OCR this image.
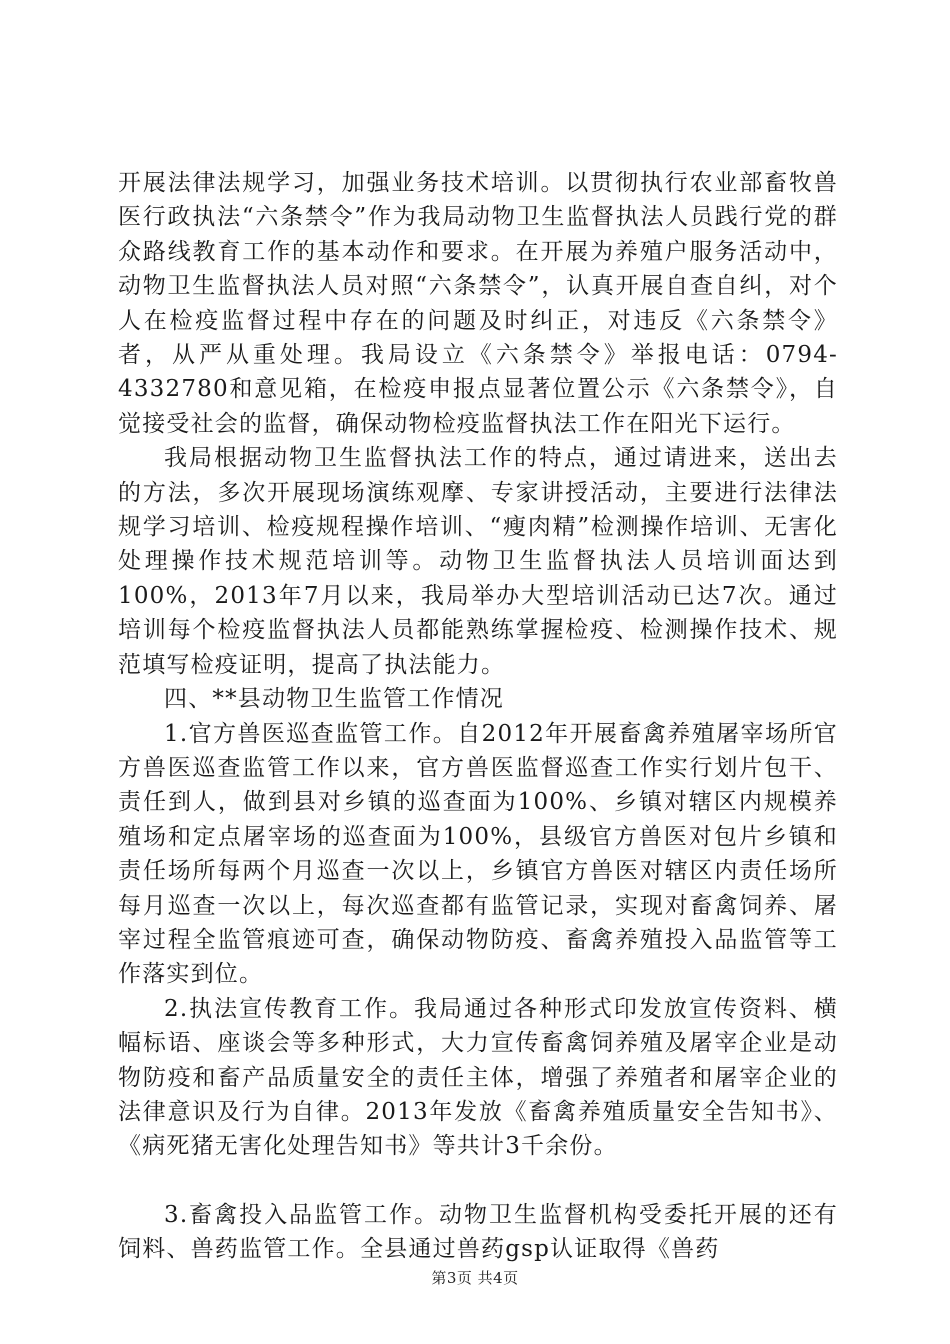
开展法律法规学习，加强业务技术培训。以贯彻执行农业部畜牧兽医行政执法“六条禁令”作为我局动物卫生监督执法人员践行党的群众路线教育工作的基本动作和要求。在开展为养殖户服务活动中，动物卫生监督执法人员对照“六条禁令”，认真开展自查自纠，对个人在检疫监督过程中存在的问题及时纠正，对违反《六条禁令》者，从严从重处理。我局设立《六条禁令》举报电话：0794-4332780和意见箱，在检疫申报点显著位置公示《六条禁令》，自觉接受社会的监督，确保动物检疫监督执法工作在阳光下运行。

我局根据动物卫生监督执法工作的特点，通过请进来，送出去的方法，多次开展现场演练观摩、专家讲授活动，主要进行法律法规学习培训、检疫规程操作培训、“瘦肉精”检测操作培训、无害化处理操作技术规范培训等。动物卫生监督执法人员培训面达到100%，2013年7月以来，我局举办大型培训活动已达7次。通过培训每个检疫监督执法人员都能熟练掌握检疫、检测操作技术、规范填写检疫证明，提高了执法能力。

四、**县动物卫生监管工作情况

1.官方兽医巡查监管工作。自2012年开展畜禽养殖屠宰场所官方兽医巡查监管工作以来，官方兽医监督巡查工作实行划片包干、责任到人，做到县对乡镇的巡查面为100%、乡镇对辖区内规模养殖场和定点屠宰场的巡查面为100%，县级官方兽医对包片乡镇和责任场所每两个月巡查一次以上，乡镇官方兽医对辖区内责任场所每月巡查一次以上，每次巡查都有监管记录，实现对畜禽饲养、屠宰过程全监管痕迹可查，确保动物防疫、畜禽养殖投入品监管等工作落实到位。

2.执法宣传教育工作。我局通过各种形式印发放宣传资料、横幅标语、座谈会等多种形式，大力宣传畜禽饲养殖及屠宰企业是动物防疫和畜产品质量安全的责任主体，增强了养殖者和屠宰企业的法律意识及行为自律。2013年发放《畜禽养殖质量安全告知书》、《病死猪无害化处理告知书》等共计3千余份。

3.畜禽投入品监管工作。动物卫生监督机构受委托开展的还有饲料、兽药监管工作。全县通过兽药gsp认证取得《兽药

第3页 共4页
